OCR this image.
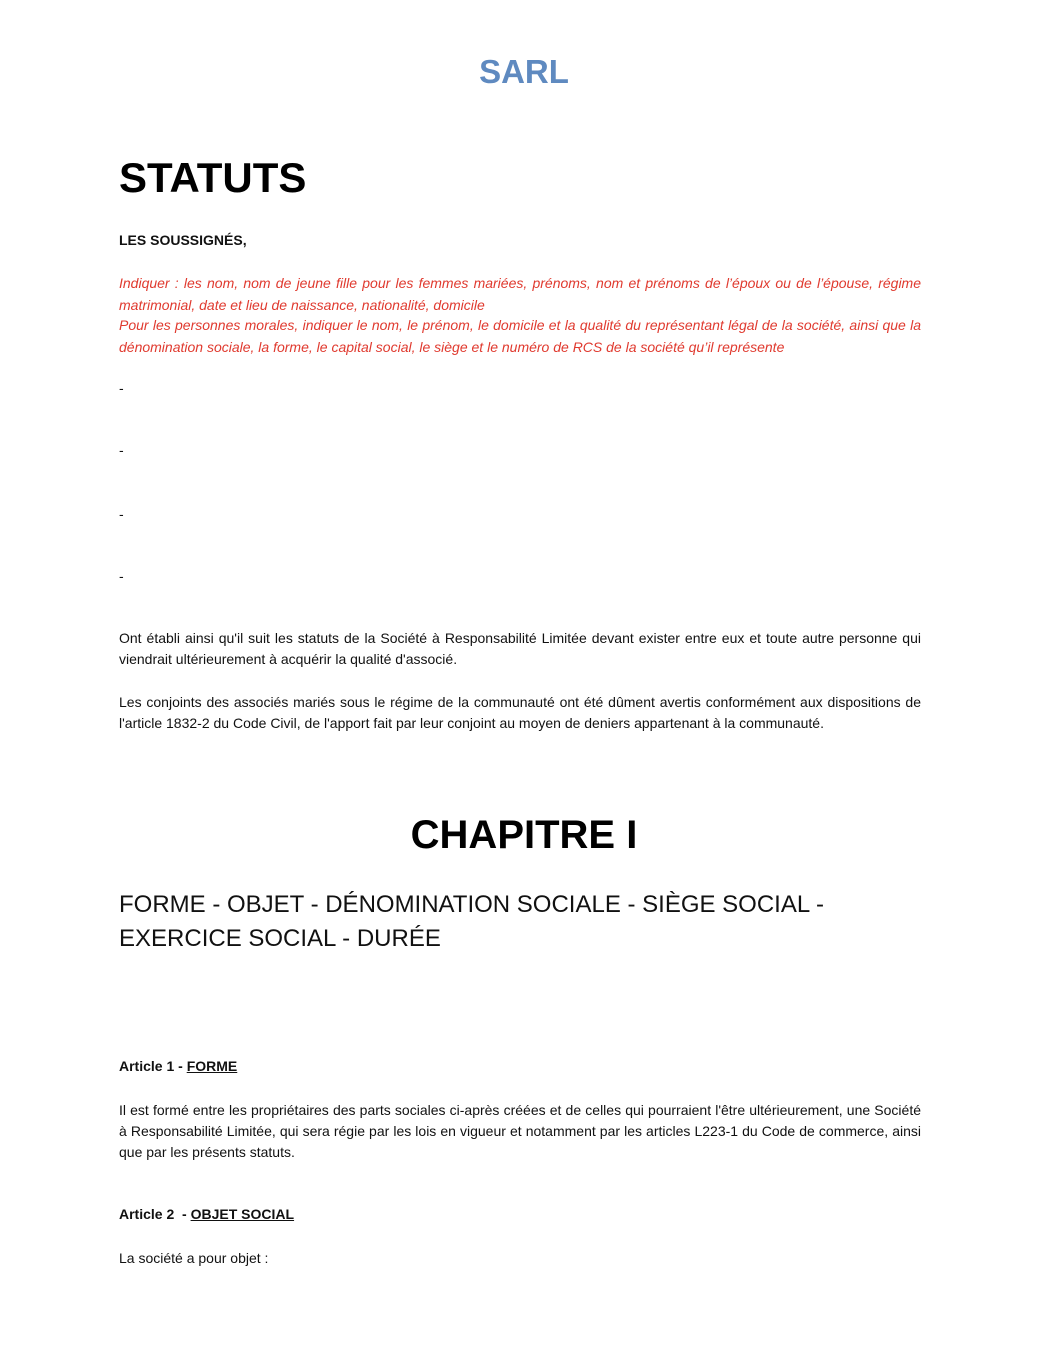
SARL
STATUTS

LES SOUSSIGNÉS,

Indiquer : les nom, nom de jeune fille pour les femmes mariées, prénoms, nom et prénoms de l’époux ou de l’épouse, régime matrimonial, date et lieu de naissance, nationalité, domicile

Pour les personnes morales, indiquer le nom, le prénom, le domicile et la qualité du représentant légal de la société, ainsi que la dénomination sociale, la forme, le capital social, le siège et le numéro de RCS de la société qu’il représente

-
-
-
-

Ont établi ainsi qu'il suit les statuts de la Société à Responsabilité Limitée devant exister entre eux et toute autre personne qui viendrait ultérieurement à acquérir la qualité d'associé.

Les conjoints des associés mariés sous le régime de la communauté ont été dûment avertis conformément aux dispositions de l'article 1832-2 du Code Civil, de l'apport fait par leur conjoint au moyen de deniers appartenant à la communauté.

CHAPITRE I
FORME - OBJET - DÉNOMINATION SOCIALE - SIÈGE SOCIAL - EXERCICE SOCIAL - DURÉE

Article 1 - FORME

Il est formé entre les propriétaires des parts sociales ci-après créées et de celles qui pourraient l'être ultérieurement, une Société à Responsabilité Limitée, qui sera régie par les lois en vigueur et notamment par les articles L223-1 du Code de commerce, ainsi que par les présents statuts.

Article 2  - OBJET SOCIAL

La société a pour objet :
